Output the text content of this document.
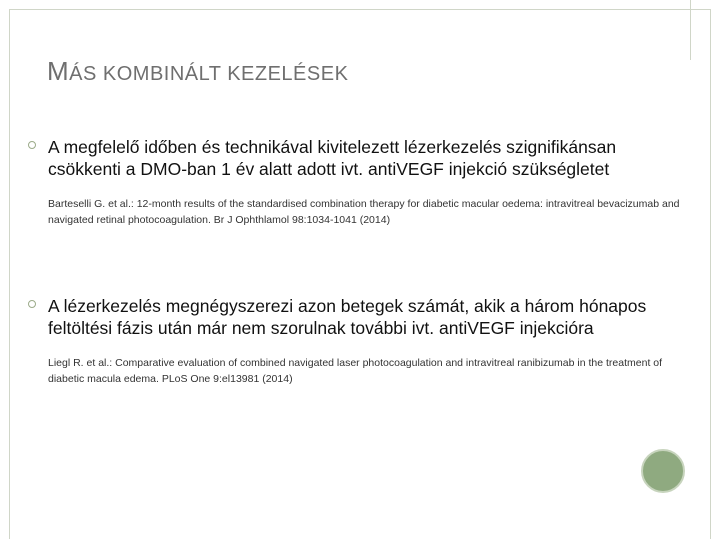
MÁS KOMBINÁLT KEZELÉSEK
A megfelelő időben és technikával kivitelezett lézerkezelés szignifikánsan csökkenti a DMO-ban 1 év alatt adott ivt. antiVEGF injekció szükségletet
Barteselli G. et al.: 12-month results of the standardised combination therapy for diabetic macular oedema: intravitreal bevacizumab and navigated retinal photocoagulation. Br J Ophthlamol 98:1034-1041 (2014)
A lézerkezelés megnégyszerezi azon betegek számát, akik a három hónapos feltöltési fázis után már nem szorulnak további ivt. antiVEGF injekcióra
Liegl R. et al.: Comparative evaluation of combined navigated laser photocoagulation and intravitreal ranibizumab in the treatment of diabetic macula edema. PLoS One 9:el13981 (2014)
